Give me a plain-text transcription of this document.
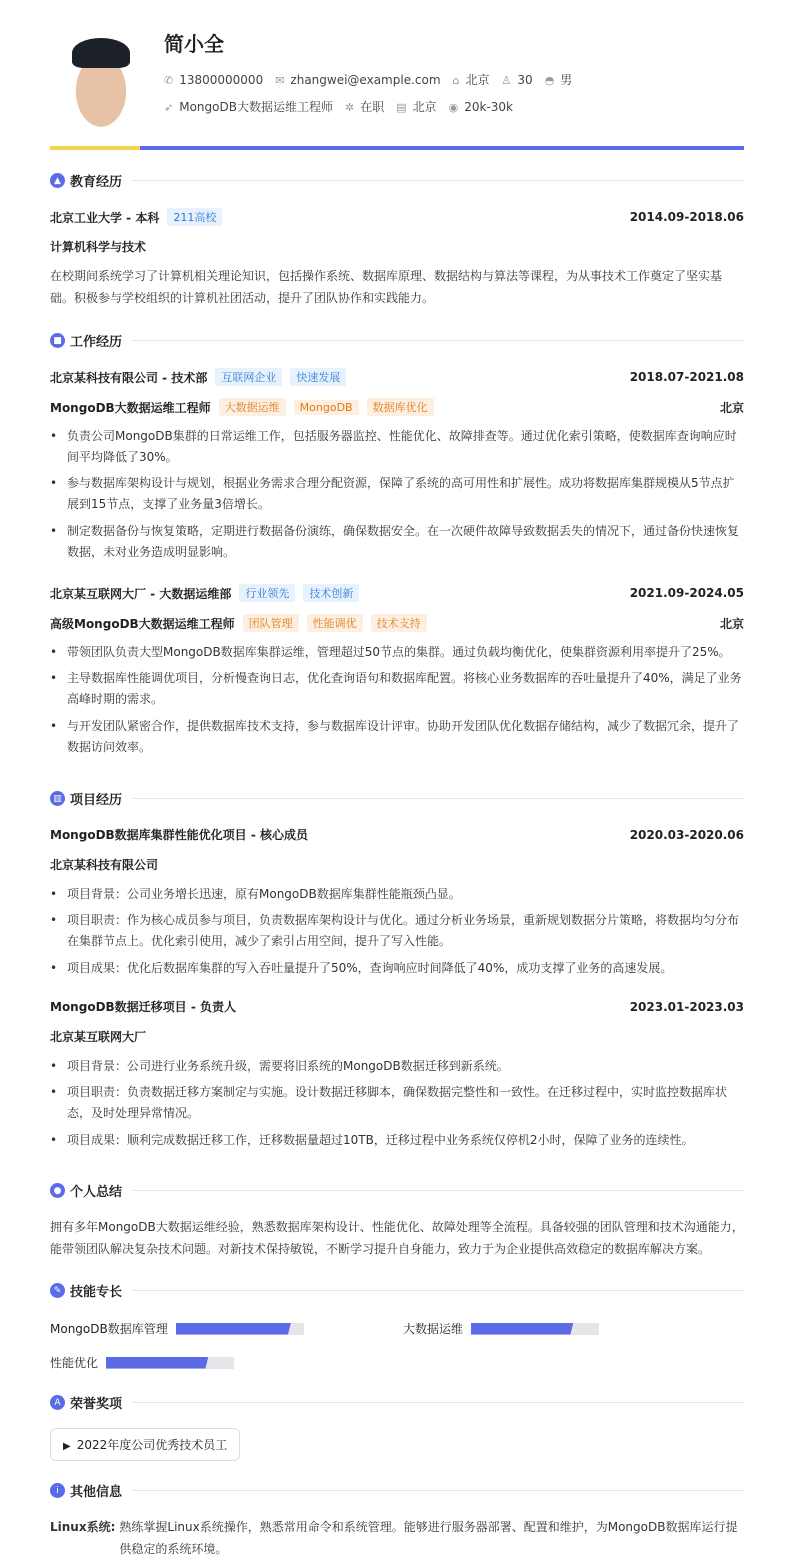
简小全
✆ 13800000000 ✉ zhangwei@example.com ⌂ 北京 ♙ 30 ◓ 男
➶ MongoDB大数据运维工程师 ✲ 在职 ▤ 北京 ◉ 20k-30k
▲ 教育经历
北京工业大学 - 本科	211高校	2014.09-2018.06
计算机科学与技术
在校期间系统学习了计算机相关理论知识，包括操作系统、数据库原理、数据结构与算法等课程，为从事技术工作奠定了坚实基础。积极参与学校组织的计算机社团活动，提升了团队协作和实践能力。
■ 工作经历
北京某科技有限公司 - 技术部	互联网企业	快速发展	2018.07-2021.08
MongoDB大数据运维工程师	大数据运维	MongoDB	数据库优化	北京
• 负责公司MongoDB集群的日常运维工作，包括服务器监控、性能优化、故障排查等。通过优化索引策略，使数据库查询响应时间平均降低了30%。
• 参与数据库架构设计与规划，根据业务需求合理分配资源，保障了系统的高可用性和扩展性。成功将数据库集群规模从5节点扩展到15节点，支撑了业务量3倍增长。
• 制定数据备份与恢复策略，定期进行数据备份演练，确保数据安全。在一次硬件故障导致数据丢失的情况下，通过备份快速恢复数据，未对业务造成明显影响。
北京某互联网大厂 - 大数据运维部	行业领先	技术创新	2021.09-2024.05
高级MongoDB大数据运维工程师	团队管理	性能调优	技术支持	北京
• 带领团队负责大型MongoDB数据库集群运维，管理超过50节点的集群。通过负载均衡优化，使集群资源利用率提升了25%。
• 主导数据库性能调优项目，分析慢查询日志，优化查询语句和数据库配置。将核心业务数据库的吞吐量提升了40%，满足了业务高峰时期的需求。
• 与开发团队紧密合作，提供数据库技术支持，参与数据库设计评审。协助开发团队优化数据存储结构，减少了数据冗余，提升了数据访问效率。
▥ 项目经历
MongoDB数据库集群性能优化项目 - 核心成员	2020.03-2020.06
北京某科技有限公司
• 项目背景：公司业务增长迅速，原有MongoDB数据库集群性能瓶颈凸显。
• 项目职责：作为核心成员参与项目，负责数据库架构设计与优化。通过分析业务场景，重新规划数据分片策略，将数据均匀分布在集群节点上。优化索引使用，减少了索引占用空间，提升了写入性能。
• 项目成果：优化后数据库集群的写入吞吐量提升了50%，查询响应时间降低了40%，成功支撑了业务的高速发展。
MongoDB数据迁移项目 - 负责人	2023.01-2023.03
北京某互联网大厂
• 项目背景：公司进行业务系统升级，需要将旧系统的MongoDB数据迁移到新系统。
• 项目职责：负责数据迁移方案制定与实施。设计数据迁移脚本，确保数据完整性和一致性。在迁移过程中，实时监控数据库状态，及时处理异常情况。
• 项目成果：顺利完成数据迁移工作，迁移数据量超过10TB，迁移过程中业务系统仅停机2小时，保障了业务的连续性。
● 个人总结
拥有多年MongoDB大数据运维经验，熟悉数据库架构设计、性能优化、故障处理等全流程。具备较强的团队管理和技术沟通能力，能带领团队解决复杂技术问题。对新技术保持敏锐，不断学习提升自身能力，致力于为企业提供高效稳定的数据库解决方案。
✎ 技能专长
MongoDB数据库管理	大数据运维
性能优化
A 荣誉奖项
▶ 2022年度公司优秀技术员工
i 其他信息
Linux系统: 熟练掌握Linux系统操作，熟悉常用命令和系统管理。能够进行服务器部署、配置和维护，为MongoDB数据库运行提供稳定的系统环境。
